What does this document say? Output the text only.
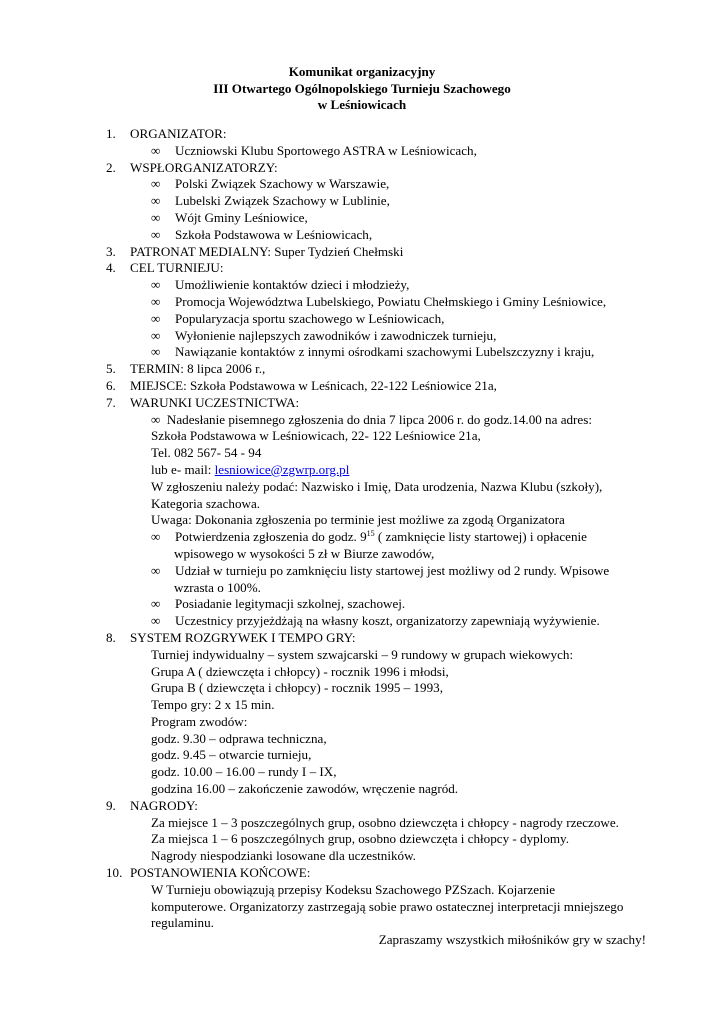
Komunikat organizacyjny
III Otwartego Ogólnopolskiego Turnieju Szachowego
w Leśniowicach
1. ORGANIZATOR:
∞ Uczniowski Klubu Sportowego ASTRA w Leśniowicach,
2. WSPŁORGANIZATORZY:
∞ Polski Związek Szachowy w Warszawie,
∞ Lubelski Związek Szachowy w Lublinie,
∞ Wójt Gminy Leśniowice,
∞ Szkoła Podstawowa w Leśniowicach,
3. PATRONAT MEDIALNY: Super Tydzień Chełmski
4. CEL TURNIEJU:
∞ Umożliwienie kontaktów dzieci i młodzieży,
∞ Promocja Województwa Lubelskiego, Powiatu Chełmskiego i Gminy Leśniowice,
∞ Popularyzacja sportu szachowego w Leśniowicach,
∞ Wyłonienie najlepszych zawodników i zawodniczek turnieju,
∞ Nawiązanie kontaktów z innymi ośrodkami szachowymi Lubelszczyzny i kraju,
5. TERMIN: 8 lipca 2006 r.,
6. MIEJSCE: Szkoła Podstawowa w Leśnicach, 22-122 Leśniowice 21a,
7. WARUNKI UCZESTNICTWA:
∞ Nadesłanie pisemnego zgłoszenia do dnia 7 lipca 2006 r. do godz.14.00 na adres:
Szkoła Podstawowa w Leśniowicach, 22- 122 Leśniowice 21a,
Tel. 082 567- 54 - 94
lub e- mail: lesniowice@zgwrp.org.pl
W zgłoszeniu należy podać: Nazwisko i Imię, Data urodzenia, Nazwa Klubu (szkoły),
Kategoria szachowa.
Uwaga: Dokonania zgłoszenia po terminie jest możliwe za zgodą Organizatora
∞ Potwierdzenia zgłoszenia do godz. $9^{15}$ ( zamknięcie listy startowej) i opłacenie
wpisowego w wysokości 5 zł w Biurze zawodów,
∞ Udział w turnieju po zamknięciu listy startowej jest możliwy od 2 rundy. Wpisowe
wzrasta o 100%.
∞ Posiadanie legitymacji szkolnej, szachowej.
∞ Uczestnicy przyjeżdżają na własny koszt, organizatorzy zapewniają wyżywienie.
8. SYSTEM ROZGRYWEK I TEMPO GRY:
Turniej indywidualny – system szwajcarski – 9 rundowy w grupach wiekowych:
Grupa A ( dziewczęta i chłopcy) - rocznik 1996 i młodsi,
Grupa B ( dziewczęta i chłopcy) - rocznik 1995 – 1993,
Tempo gry: 2 x 15 min.
Program zwodów:
godz. 9.30 – odprawa techniczna,
godz. 9.45 – otwarcie turnieju,
godz. 10.00 – 16.00 – rundy I – IX,
godzina 16.00 – zakończenie zawodów, wręczenie nagród.
9. NAGRODY:
Za miejsce 1 – 3 poszczególnych grup, osobno dziewczęta i chłopcy - nagrody rzeczowe.
Za miejsca 1 – 6 poszczególnych grup, osobno dziewczęta i chłopcy - dyplomy.
Nagrody niespodzianki losowane dla uczestników.
10. POSTANOWIENIA KOŃCOWE:
W Turnieju obowiązują przepisy Kodeksu Szachowego PZSzach. Kojarzenie
komputerowe. Organizatorzy zastrzegają sobie prawo ostatecznej interpretacji mniejszego
regulaminu.
Zapraszamy wszystkich miłośników gry w szachy!
